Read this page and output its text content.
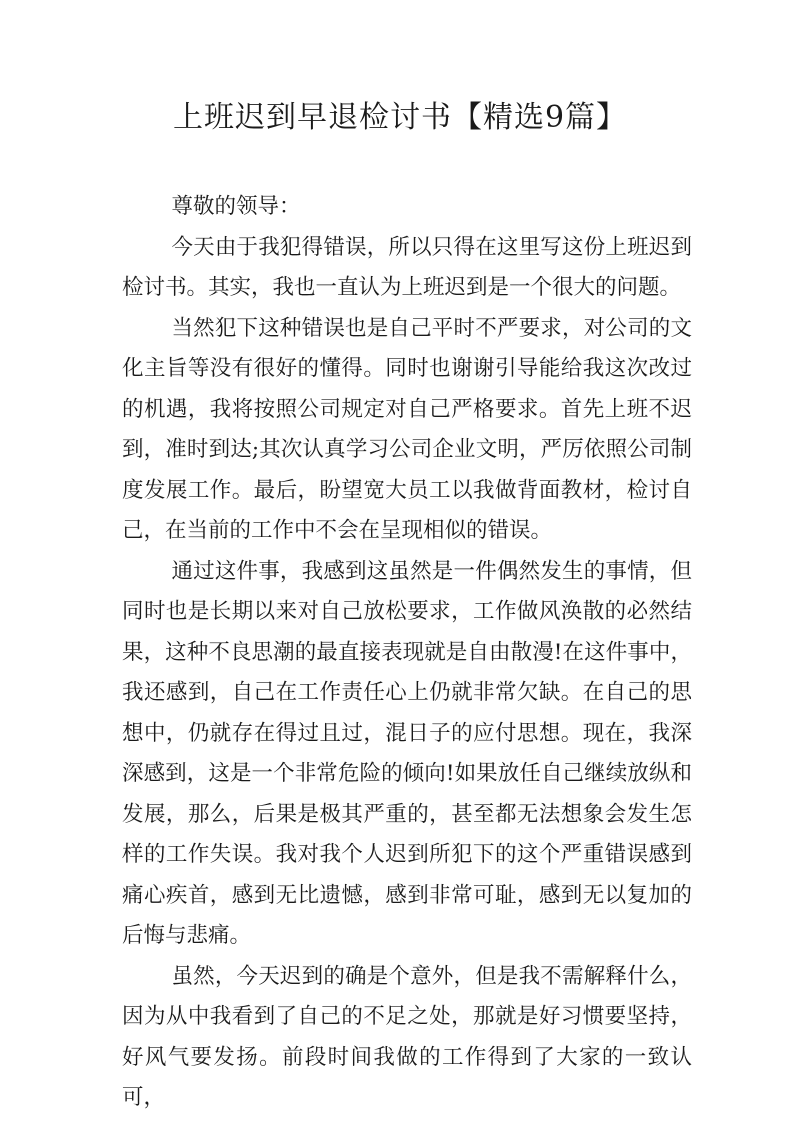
上班迟到早退检讨书【精选9篇】

尊敬的领导：

今天由于我犯得错误，所以只得在这里写这份上班迟到检讨书。其实，我也一直认为上班迟到是一个很大的问题。

当然犯下这种错误也是自己平时不严要求，对公司的文化主旨等没有很好的懂得。同时也谢谢引导能给我这次改过的机遇，我将按照公司规定对自己严格要求。首先上班不迟到，准时到达;其次认真学习公司企业文明，严厉依照公司制度发展工作。最后，盼望宽大员工以我做背面教材，检讨自己，在当前的工作中不会在呈现相似的错误。

通过这件事，我感到这虽然是一件偶然发生的事情，但同时也是长期以来对自己放松要求，工作做风涣散的必然结果，这种不良思潮的最直接表现就是自由散漫!在这件事中，我还感到，自己在工作责任心上仍就非常欠缺。在自己的思想中，仍就存在得过且过，混日子的应付思想。现在，我深深感到，这是一个非常危险的倾向!如果放任自己继续放纵和发展，那么，后果是极其严重的，甚至都无法想象会发生怎样的工作失误。我对我个人迟到所犯下的这个严重错误感到痛心疾首，感到无比遗憾，感到非常可耻，感到无以复加的后悔与悲痛。

虽然，今天迟到的确是个意外，但是我不需解释什么，因为从中我看到了自己的不足之处，那就是好习惯要坚持，好风气要发扬。前段时间我做的工作得到了大家的一致认可，
